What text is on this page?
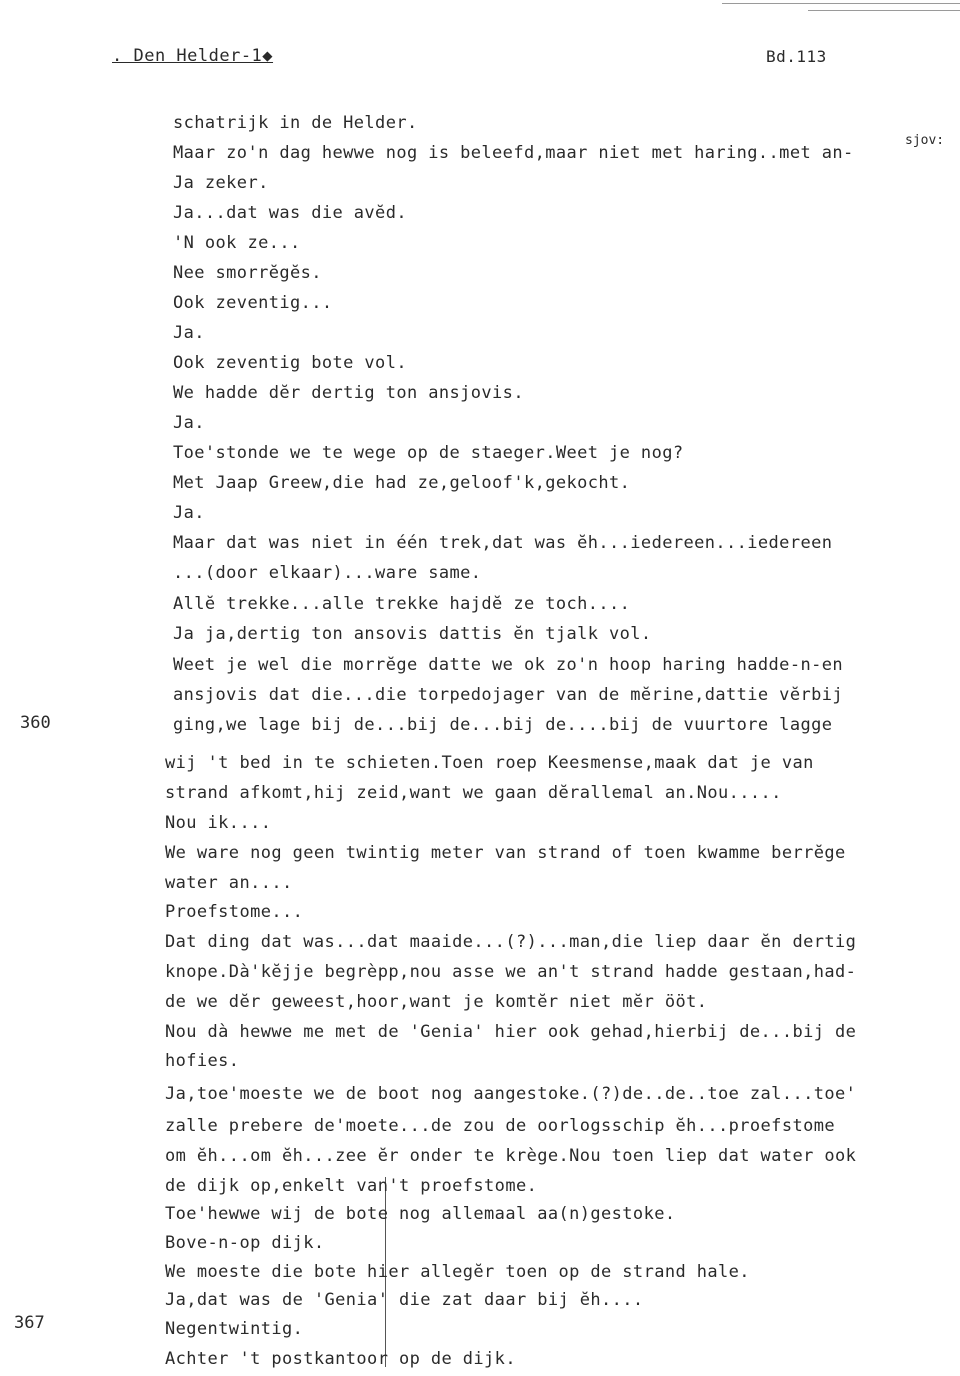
. Den Helder-1◆	Bd.113
sjov:
360
367
schatrijk in de Helder.
Maar zo'n dag hewwe nog is beleefd,maar niet met haring..met an-
Ja zeker.
Ja...dat was die avĕd.
'N ook ze...
Nee smorrĕgĕs.
Ook zeventig...
Ja.
Ook zeventig bote vol.
We hadde dĕr dertig ton ansjovis.
Ja.
Toe'stonde we te wege op de staeger.Weet je nog?
Met Jaap Greew,die had ze,geloof'k,gekocht.
Ja.
Maar dat was niet in één trek,dat was ĕh...iedereen...iedereen
...(door elkaar)...ware same.
Allĕ trekke...alle trekke hajdĕ ze toch....
Ja ja,dertig ton ansovis dattis ĕn tjalk vol.
Weet je wel die morrĕge datte we ok zo'n hoop haring hadde-n-en
ansjovis dat die...die torpedojager van de mĕrine,dattie vĕrbij
ging,we lage bij de...bij de...bij de....bij de vuurtore lagge
wij 't bed in te schieten.Toen roep Keesmense,maak dat je van
strand afkomt,hij zeid,want we gaan dĕrallemal an.Nou.....
Nou ik....
We ware nog geen twintig meter van strand of toen kwamme berrĕge
water an....
Proefstome...
Dat ding dat was...dat maaide...(?)...man,die liep daar ĕn dertig
knope.Dà'kĕjje begrèpp,nou asse we an't strand hadde gestaan,had-
de we dĕr geweest,hoor,want je komtĕr niet mĕr ööt.
Nou dà hewwe me met de 'Genia' hier ook gehad,hierbij de...bij de
hofies.
Ja,toe'moeste we de boot nog aangestoke.(?)de..de..toe zal...toe'
zalle prebere de'moete...de zou de oorlogsschip ĕh...proefstome
om ĕh...om ĕh...zee ĕr onder te krège.Nou toen liep dat water ook
de dijk op,enkelt van't proefstome.
Toe'hewwe wij de bote nog allemaal aa(n)gestoke.
Bove-n-op dijk.
We moeste die bote hier allegĕr toen op de strand hale.
Ja,dat was de 'Genia' die zat daar bij ĕh....
Negentwintig.
Achter 't postkantoor op de dijk.
